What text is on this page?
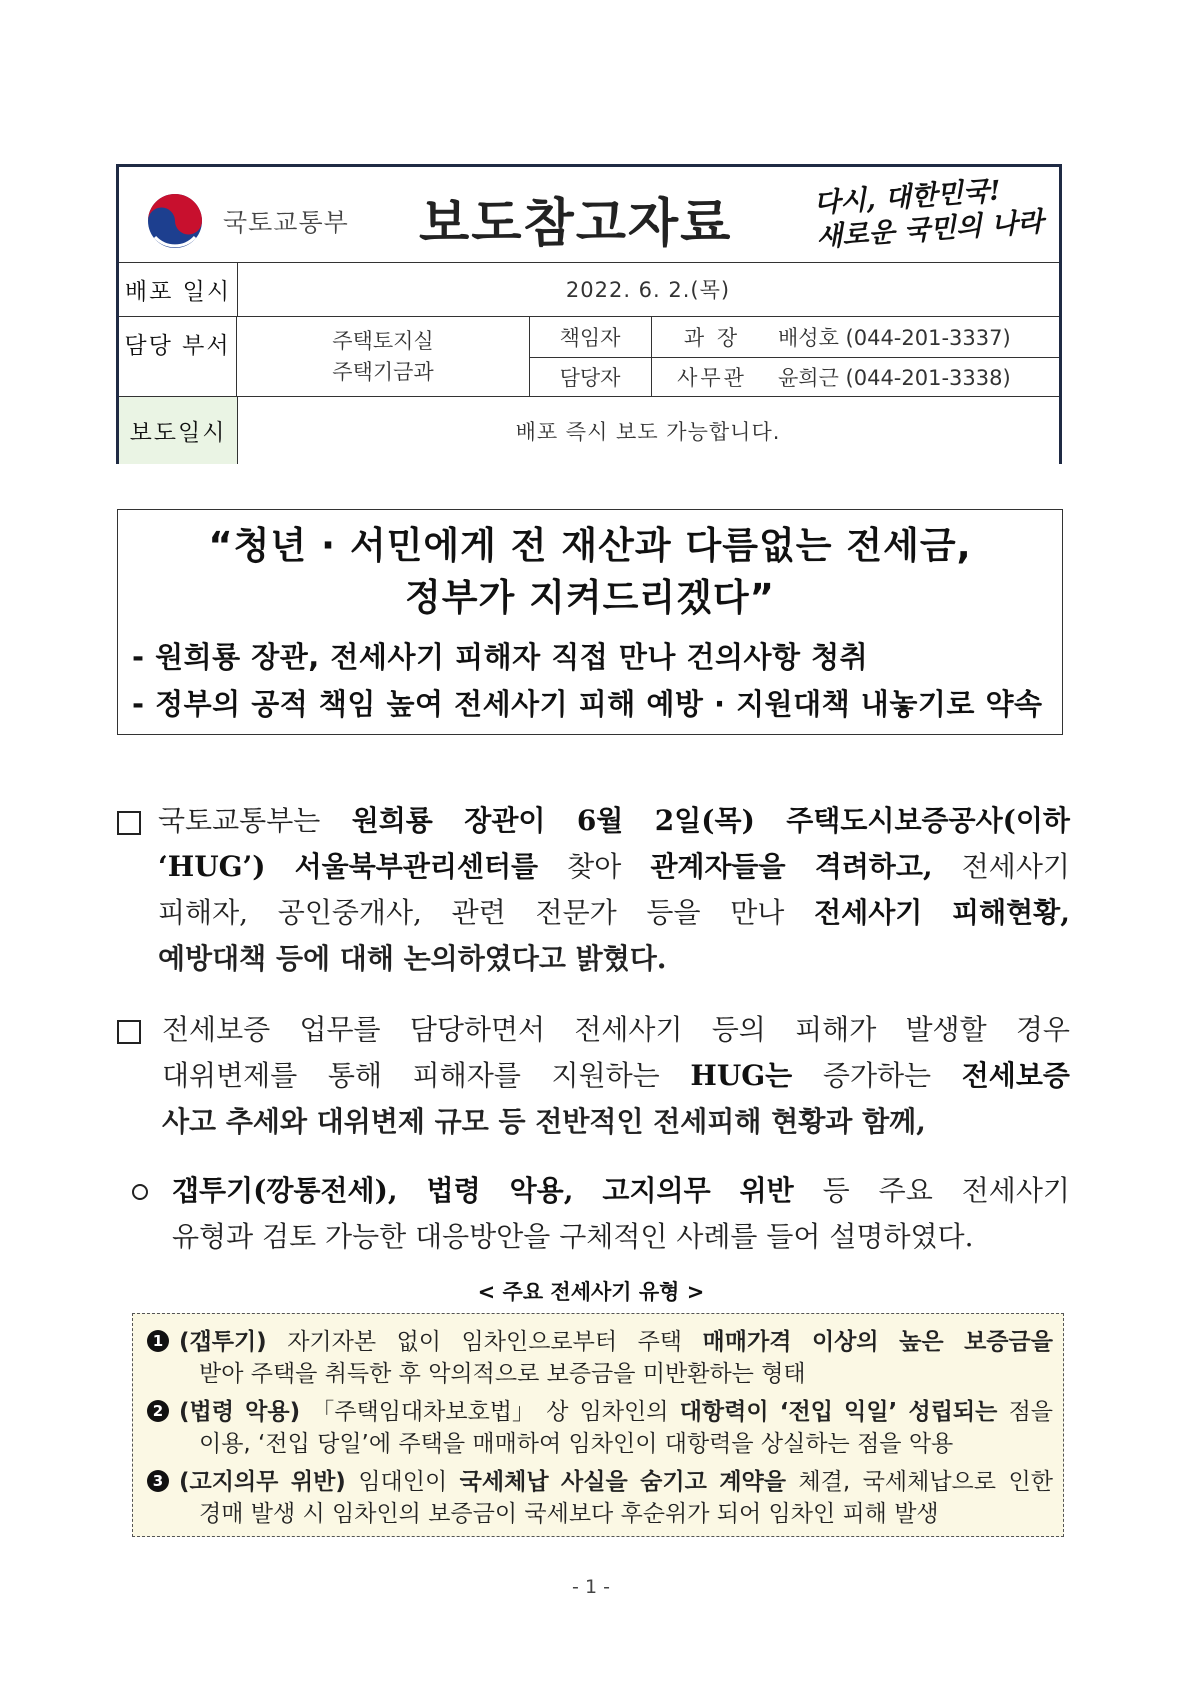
국토교통부 보도참고자료	다시, 대한민국!
새로운 국민의 나라
배포 일시	2022. 6. 2.(목)
담당 부서	주택토지실
주택기금과
책임자	과 장	배성호 (044-201-3337)
담당자	사무관	윤희근 (044-201-3338)
보도일시	배포 즉시 보도 가능합니다.
“청년 · 서민에게 전 재산과 다름없는 전세금,
정부가 지켜드리겠다”
- 원희룡 장관, 전세사기 피해자 직접 만나 건의사항 청취
- 정부의 공적 책임 높여 전세사기 피해 예방 · 지원대책 내놓기로 약속
국토교통부는 원희룡 장관이 6월 2일(목) 주택도시보증공사(이하
‘HUG’) 서울북부관리센터를 찾아 관계자들을 격려하고, 전세사기
피해자, 공인중개사, 관련 전문가 등을 만나 전세사기 피해현황,
예방대책 등에 대해 논의하였다고 밝혔다.
전세보증 업무를 담당하면서 전세사기 등의 피해가 발생할 경우
대위변제를 통해 피해자를 지원하는 HUG는 증가하는 전세보증
사고 추세와 대위변제 규모 등 전반적인 전세피해 현황과 함께,
갭투기(깡통전세), 법령 악용, 고지의무 위반 등 주요 전세사기
유형과 검토 가능한 대응방안을 구체적인 사례를 들어 설명하였다.
< 주요 전세사기 유형 >
1 (갭투기) 자기자본 없이 임차인으로부터 주택 매매가격 이상의 높은 보증금을
받아 주택을 취득한 후 악의적으로 보증금을 미반환하는 형태
2 (법령 악용) 「주택임대차보호법」 상 임차인의 대항력이 ‘전입 익일’ 성립되는 점을
이용, ‘전입 당일’에 주택을 매매하여 임차인이 대항력을 상실하는 점을 악용
3 (고지의무 위반) 임대인이 국세체납 사실을 숨기고 계약을 체결, 국세체납으로 인한
경매 발생 시 임차인의 보증금이 국세보다 후순위가 되어 임차인 피해 발생
- 1 -
